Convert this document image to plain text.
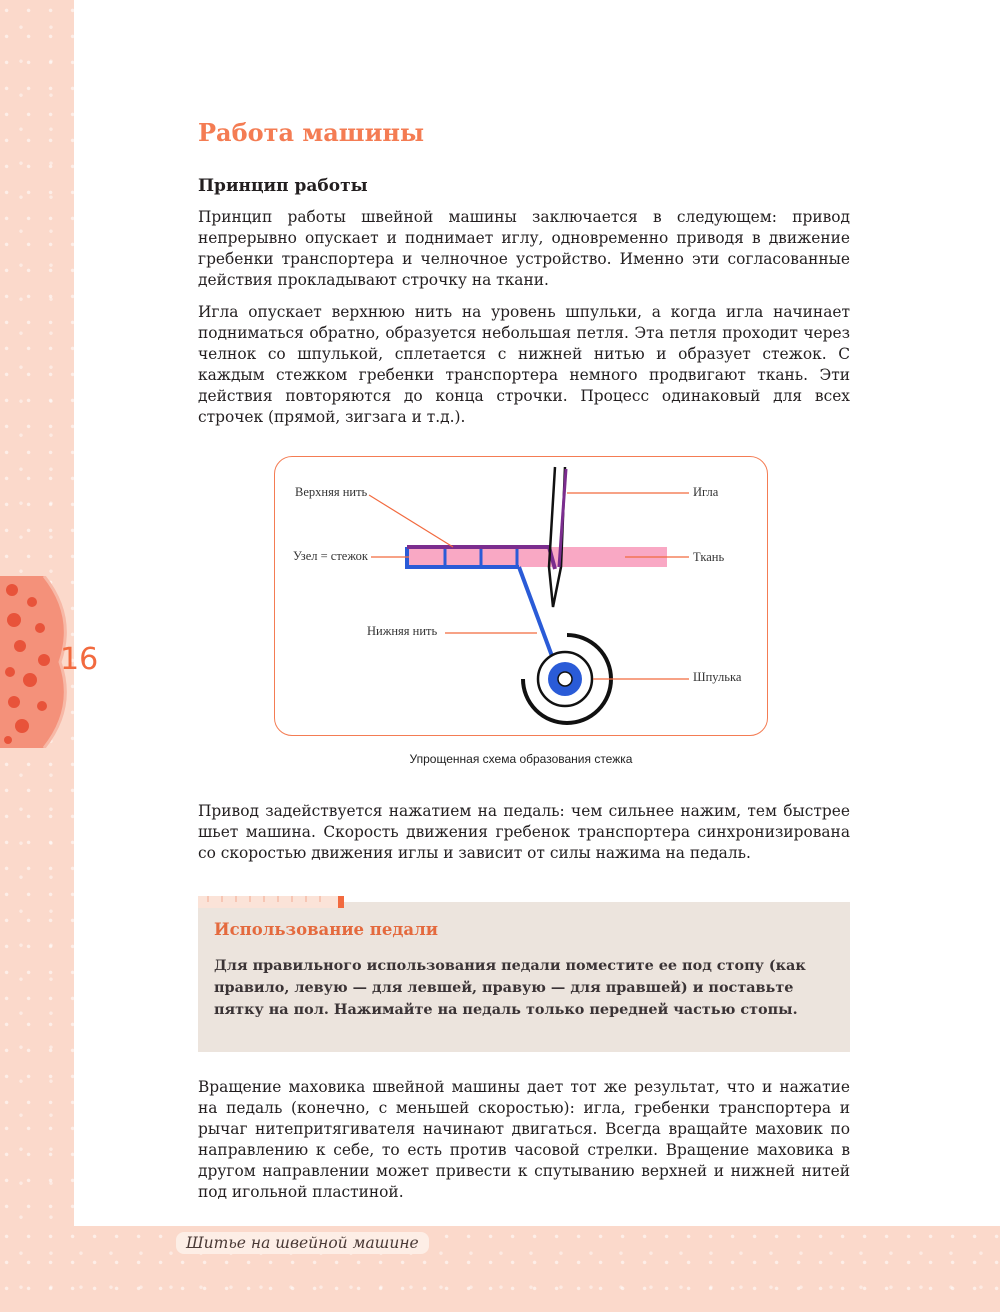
16
Работа машины
Принцип работы

Принцип работы швейной машины заключается в следующем: привод непрерывно опускает и поднимает иглу, одновременно приводя в движение гребенки транспортера и челночное устройство. Именно эти согласованные действия прокладывают строчку на ткани.

Игла опускает верхнюю нить на уровень шпульки, а когда игла начинает подниматься обратно, образуется небольшая петля. Эта петля проходит через челнок со шпулькой, сплетается с нижней нитью и образует стежок. С каждым стежком гребенки транспортера немного продвигают ткань. Эти действия повторяются до конца строчки. Процесс одинаковый для всех строчек (прямой, зигзага и т.д.).

Верхняя нить
Узел = стежок
Нижняя нить
Игла
Ткань
Шпулька
Упрощенная схема образования стежка

Привод задействуется нажатием на педаль: чем сильнее нажим, тем быстрее шьет машина. Скорость движения гребенок транспортера синхронизирована со скоростью движения иглы и зависит от силы нажима на педаль.

Использование педали

Для правильного использования педали поместите ее под стопу (как правило, левую — для левшей, правую — для правшей) и поставьте пятку на пол. Нажимайте на педаль только передней частью стопы.

Вращение маховика швейной машины дает тот же результат, что и нажатие на педаль (конечно, с меньшей скоростью): игла, гребенки транспортера и рычаг нитепритягивателя начинают двигаться. Всегда вращайте маховик по направлению к себе, то есть против часовой стрелки. Вращение маховика в другом направлении может привести к спутыванию верхней и нижней нитей под игольной пластиной.

Шитье на швейной машине
